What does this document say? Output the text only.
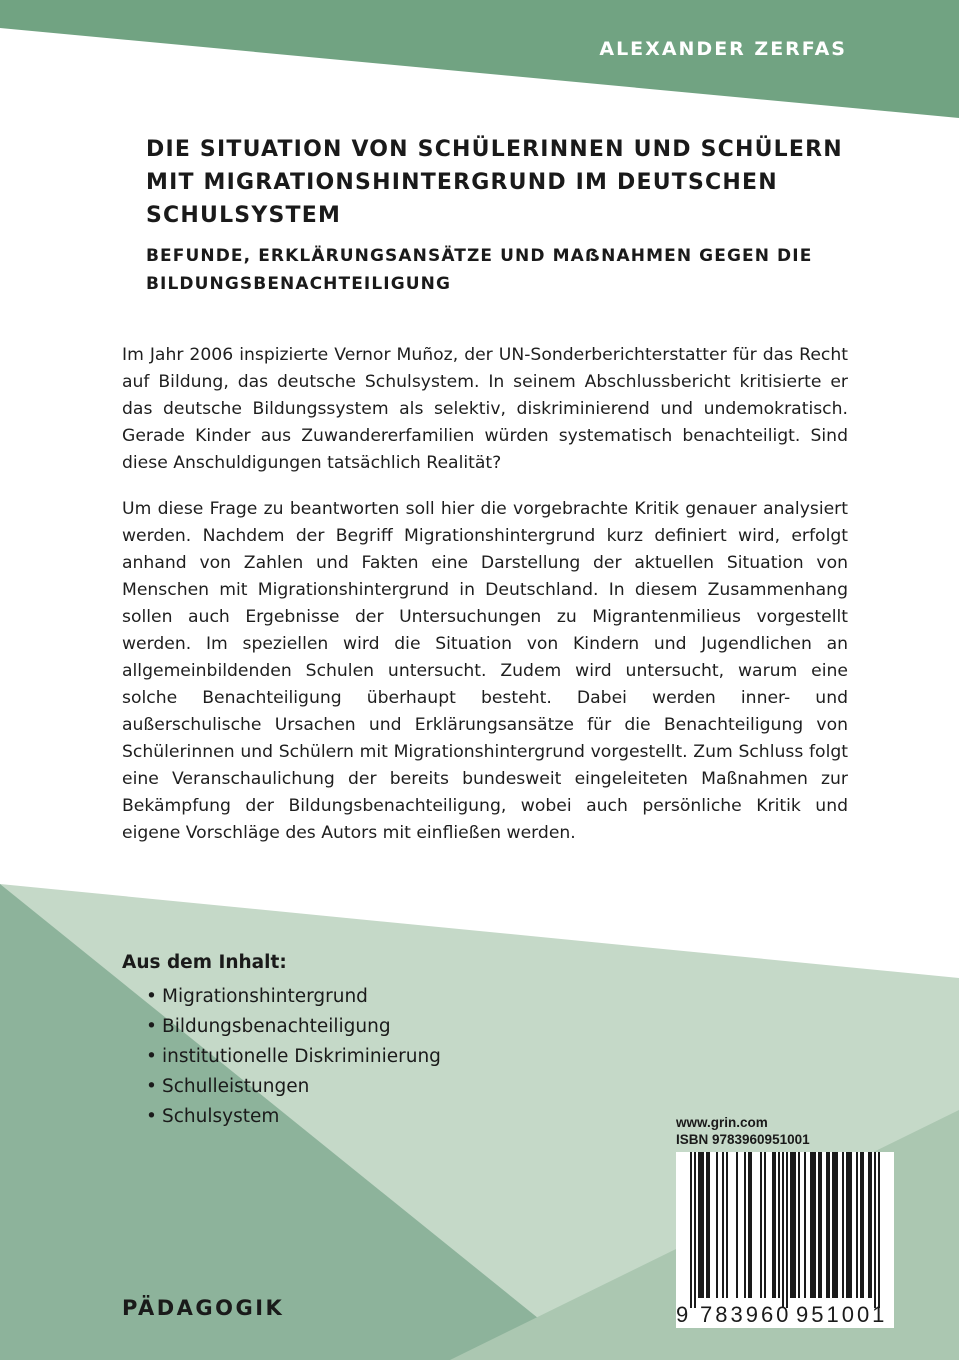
ALEXANDER ZERFAS
DIE SITUATION VON SCHÜLERINNEN UND SCHÜLERN MIT MIGRATIONSHINTERGRUND IM DEUTSCHEN SCHULSYSTEM
BEFUNDE, ERKLÄRUNGSANSÄTZE UND MAẞNAHMEN GEGEN DIE BILDUNGSBENACHTEILIGUNG

Im Jahr 2006 inspizierte Vernor Muñoz, der UN-Sonderberichterstatter für das Recht auf Bildung, das deutsche Schulsystem. In seinem Abschlussbericht kritisierte er das deutsche Bildungssystem als selektiv, diskriminierend und undemokratisch. Gerade Kinder aus Zuwandererfamilien würden systematisch benachteiligt. Sind diese Anschuldigungen tatsächlich Realität?

Um diese Frage zu beantworten soll hier die vorgebrachte Kritik genauer analysiert werden. Nachdem der Begriff Migrationshintergrund kurz definiert wird, erfolgt anhand von Zahlen und Fakten eine Darstellung der aktuellen Situation von Menschen mit Migrationshintergrund in Deutschland. In diesem Zusammenhang sollen auch Ergebnisse der Untersuchungen zu Migrantenmilieus vorgestellt werden. Im speziellen wird die Situation von Kindern und Jugendlichen an allgemeinbildenden Schulen untersucht. Zudem wird untersucht, warum eine solche Benachteiligung überhaupt besteht. Dabei werden inner- und außerschulische Ursachen und Erklärungsansätze für die Benachteiligung von Schülerinnen und Schülern mit Migrationshintergrund vorgestellt. Zum Schluss folgt eine Veranschaulichung der bereits bundesweit eingeleiteten Maßnahmen zur Bekämpfung der Bildungsbenachteiligung, wobei auch persönliche Kritik und eigene Vorschläge des Autors mit einfließen werden.

Aus dem Inhalt:
• Migrationshintergrund
• Bildungsbenachteiligung
• institutionelle Diskriminierung
• Schulleistungen
• Schulsystem
PÄDAGOGIK
www.grin.com
ISBN 9783960951001
9 783960 951001
